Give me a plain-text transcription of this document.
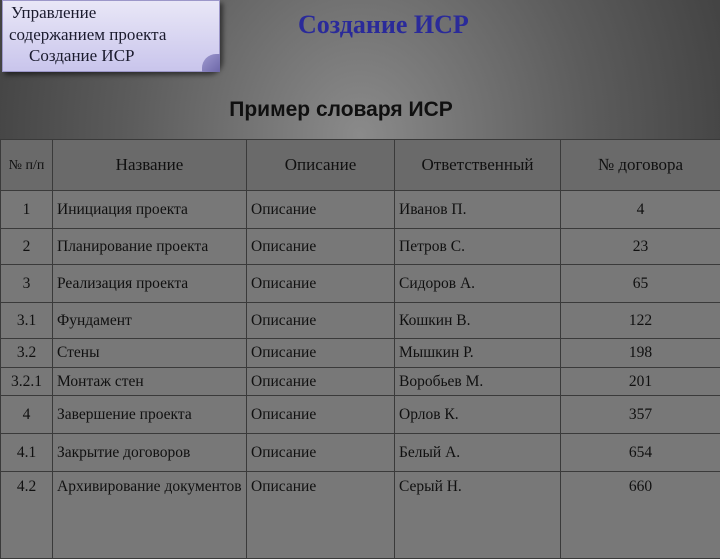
Управление
содержанием проекта
Создание ИСР
Создание ИСР
Пример словаря ИСР
№ п/п	Название	Описание	Ответственный	№ договора
1	Инициация проекта	Описание	Иванов П.	4
2	Планирование проекта	Описание	Петров С.	23
3	Реализация проекта	Описание	Сидоров А.	65
3.1	Фундамент	Описание	Кошкин В.	122
3.2	Стены	Описание	Мышкин Р.	198
3.2.1	Монтаж стен	Описание	Воробьев М.	201
4	Завершение проекта	Описание	Орлов К.	357
4.1	Закрытие договоров	Описание	Белый А.	654
4.2	Архивирование документов	Описание	Серый Н.	660
